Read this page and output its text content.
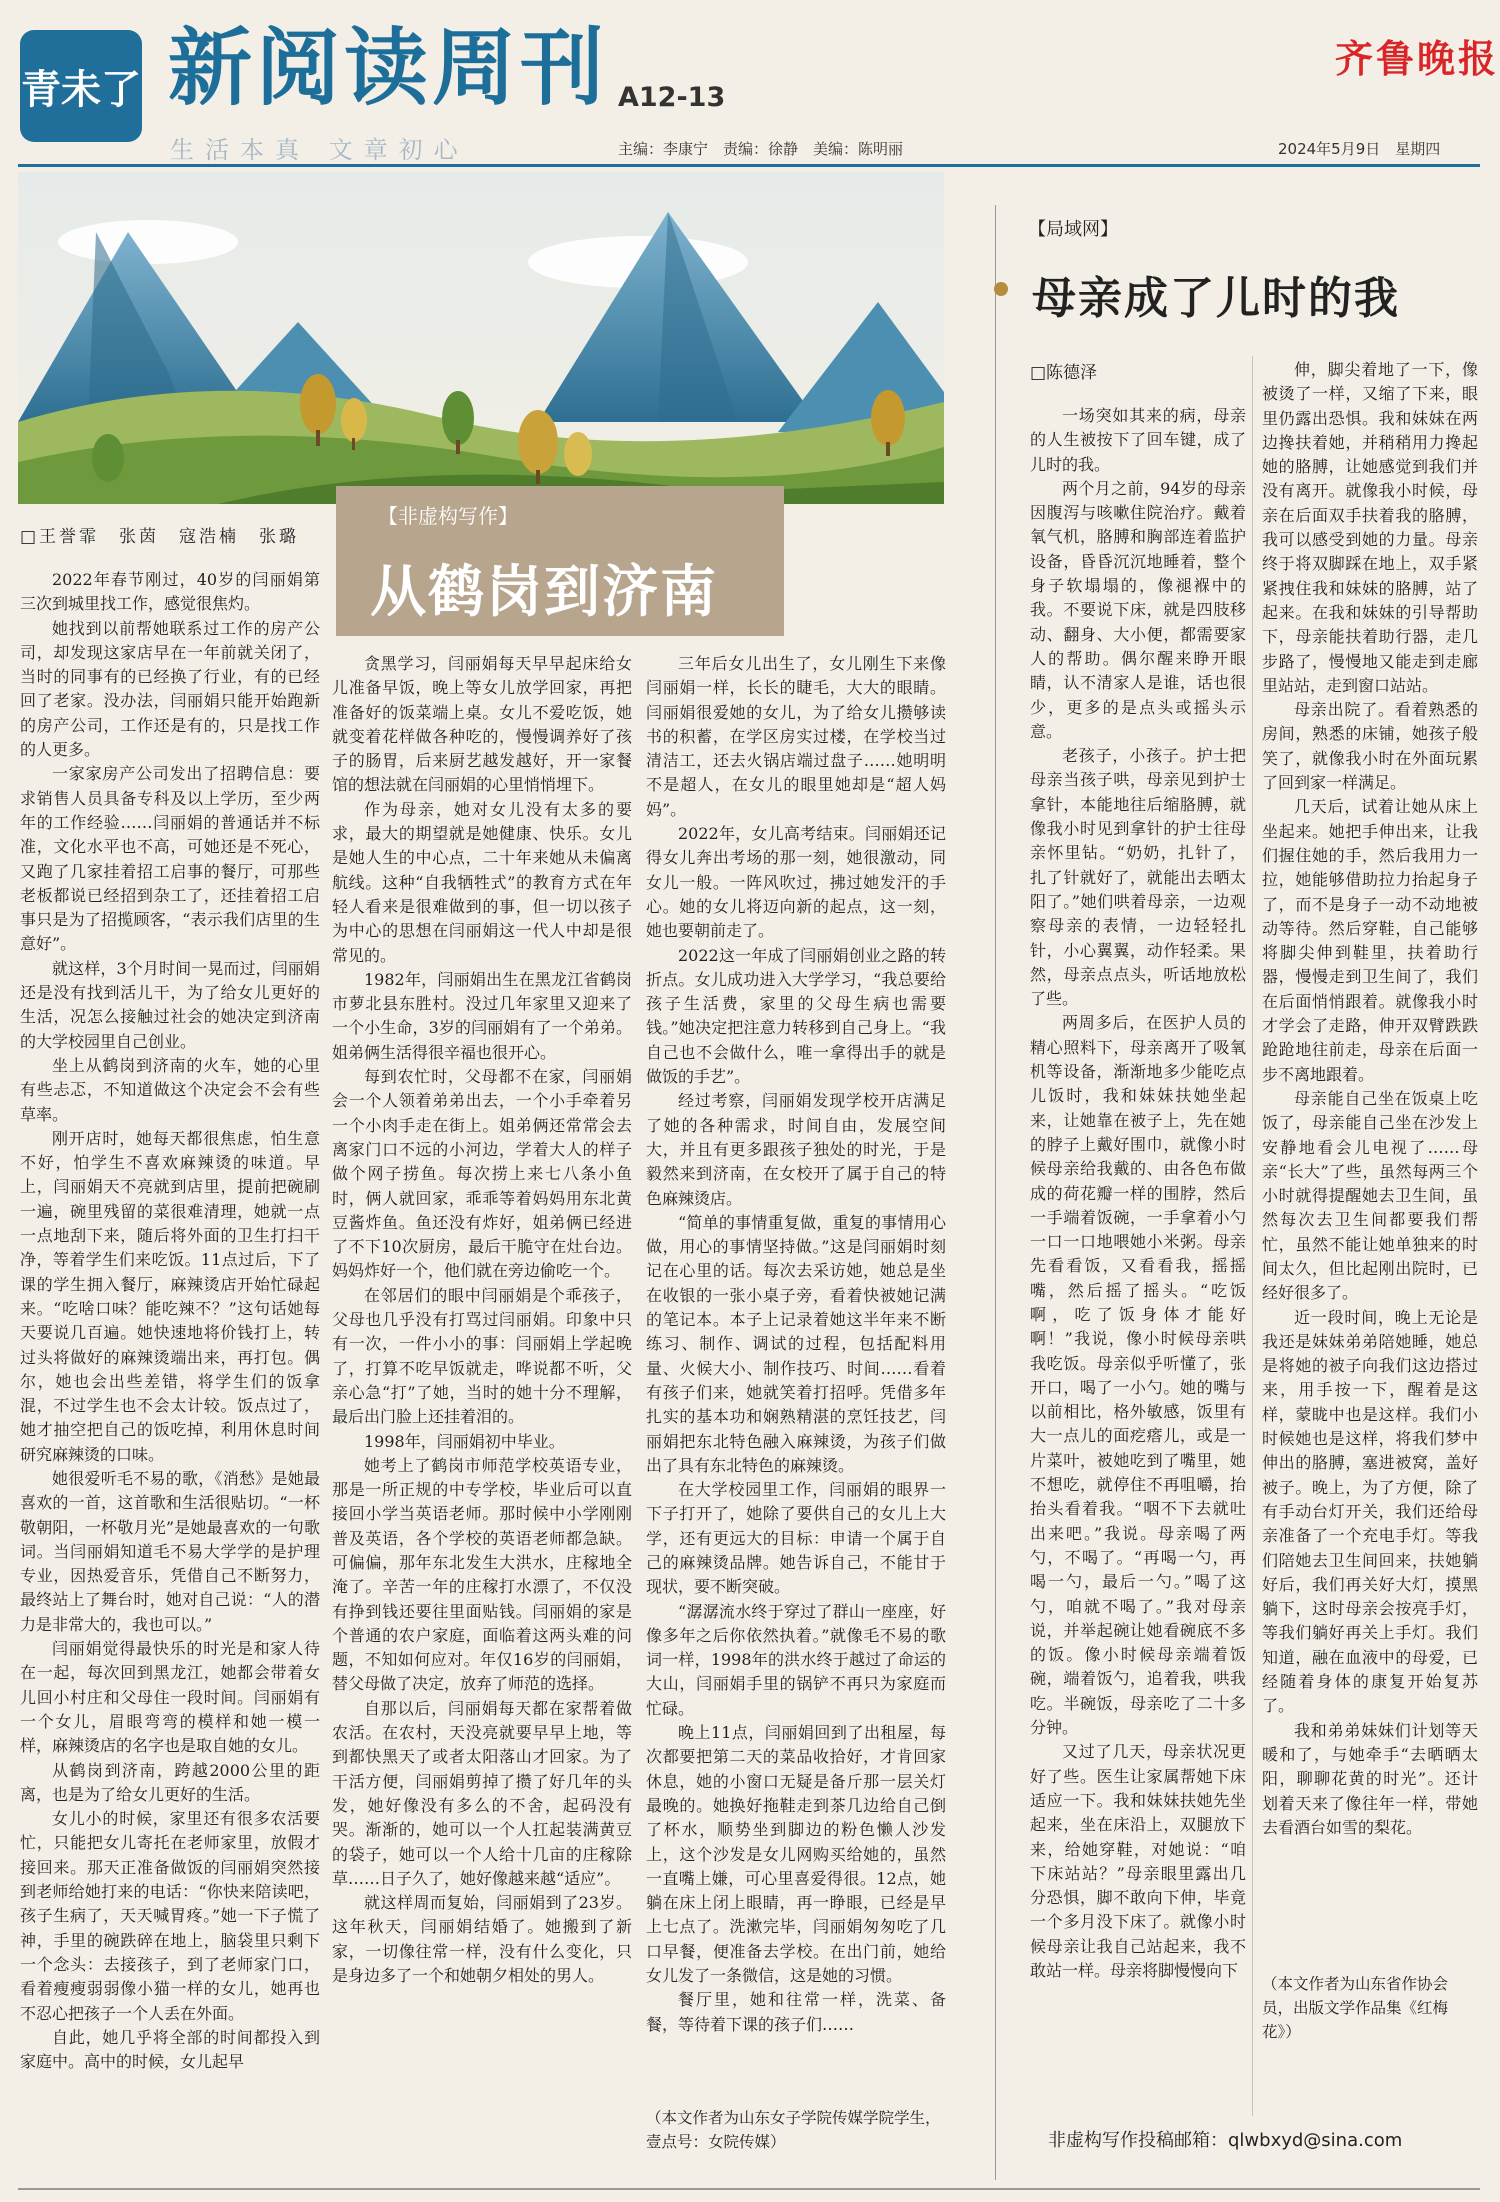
青未了 新阅读周刊 A12-13
生活本真 文章初心	主编：李康宁　责编：徐静　美编：陈明丽	2024年5月9日　星期四
齐鲁晚报
【非虚构写作】
从鹤岗到济南
□王誉霏　张茵　寇浩楠　张璐

2022年春节刚过，40岁的闫丽娟第三次到城里找工作，感觉很焦灼。

她找到以前帮她联系过工作的房产公司，却发现这家店早在一年前就关闭了，当时的同事有的已经换了行业，有的已经回了老家。没办法，闫丽娟只能开始跑新的房产公司，工作还是有的，只是找工作的人更多。

一家家房产公司发出了招聘信息：要求销售人员具备专科及以上学历，至少两年的工作经验……闫丽娟的普通话并不标准，文化水平也不高，可她还是不死心，又跑了几家挂着招工启事的餐厅，可那些老板都说已经招到杂工了，还挂着招工启事只是为了招揽顾客，“表示我们店里的生意好”。

就这样，3个月时间一晃而过，闫丽娟还是没有找到活儿干，为了给女儿更好的生活，况怎么接触过社会的她决定到济南的大学校园里自己创业。

坐上从鹤岗到济南的火车，她的心里有些忐忑，不知道做这个决定会不会有些草率。

刚开店时，她每天都很焦虑，怕生意不好，怕学生不喜欢麻辣烫的味道。早上，闫丽娟天不亮就到店里，提前把碗刷一遍，碗里残留的菜很难清理，她就一点一点地刮下来，随后将外面的卫生打扫干净，等着学生们来吃饭。11点过后，下了课的学生拥入餐厅，麻辣烫店开始忙碌起来。“吃啥口味？能吃辣不？”这句话她每天要说几百遍。她快速地将价钱打上，转过头将做好的麻辣烫端出来，再打包。偶尔，她也会出些差错，将学生们的饭拿混，不过学生也不会太计较。饭点过了，她才抽空把自己的饭吃掉，利用休息时间研究麻辣烫的口味。

她很爱听毛不易的歌，《消愁》是她最喜欢的一首，这首歌和生活很贴切。“一杯敬朝阳，一杯敬月光”是她最喜欢的一句歌词。当闫丽娟知道毛不易大学学的是护理专业，因热爱音乐，凭借自己不断努力，最终站上了舞台时，她对自己说：“人的潜力是非常大的，我也可以。”

闫丽娟觉得最快乐的时光是和家人待在一起，每次回到黑龙江，她都会带着女儿回小村庄和父母住一段时间。闫丽娟有一个女儿，眉眼弯弯的模样和她一模一样，麻辣烫店的名字也是取自她的女儿。

从鹤岗到济南，跨越2000公里的距离，也是为了给女儿更好的生活。

女儿小的时候，家里还有很多农活要忙，只能把女儿寄托在老师家里，放假才接回来。那天正准备做饭的闫丽娟突然接到老师给她打来的电话：“你快来陪读吧，孩子生病了，天天喊胃疼。”她一下子慌了神，手里的碗跌碎在地上，脑袋里只剩下一个念头：去接孩子，到了老师家门口，看着瘦瘦弱弱像小猫一样的女儿，她再也不忍心把孩子一个人丢在外面。

自此，她几乎将全部的时间都投入到家庭中。高中的时候，女儿起早

贪黑学习，闫丽娟每天早早起床给女儿准备早饭，晚上等女儿放学回家，再把准备好的饭菜端上桌。女儿不爱吃饭，她就变着花样做各种吃的，慢慢调养好了孩子的肠胃，后来厨艺越发越好，开一家餐馆的想法就在闫丽娟的心里悄悄埋下。

作为母亲，她对女儿没有太多的要求，最大的期望就是她健康、快乐。女儿是她人生的中心点，二十年来她从未偏离航线。这种“自我牺牲式”的教育方式在年轻人看来是很难做到的事，但一切以孩子为中心的思想在闫丽娟这一代人中却是很常见的。

1982年，闫丽娟出生在黑龙江省鹤岗市萝北县东胜村。没过几年家里又迎来了一个小生命，3岁的闫丽娟有了一个弟弟。姐弟俩生活得很辛福也很开心。

每到农忙时，父母都不在家，闫丽娟会一个人领着弟弟出去，一个小手牵着另一个小肉手走在街上。姐弟俩还常常会去离家门口不远的小河边，学着大人的样子做个网子捞鱼。每次捞上来七八条小鱼时，俩人就回家，乖乖等着妈妈用东北黄豆酱炸鱼。鱼还没有炸好，姐弟俩已经进了不下10次厨房，最后干脆守在灶台边。妈妈炸好一个，他们就在旁边偷吃一个。

在邻居们的眼中闫丽娟是个乖孩子，父母也几乎没有打骂过闫丽娟。印象中只有一次，一件小小的事：闫丽娟上学起晚了，打算不吃早饭就走，哗说都不听，父亲心急“打”了她，当时的她十分不理解，最后出门脸上还挂着泪的。

1998年，闫丽娟初中毕业。

她考上了鹤岗市师范学校英语专业，那是一所正规的中专学校，毕业后可以直接回小学当英语老师。那时候中小学刚刚普及英语，各个学校的英语老师都急缺。可偏偏，那年东北发生大洪水，庄稼地全淹了。辛苦一年的庄稼打水漂了，不仅没有挣到钱还要往里面贴钱。闫丽娟的家是个普通的农户家庭，面临着这两头难的问题，不知如何应对。年仅16岁的闫丽娟，替父母做了决定，放弃了师范的选择。

自那以后，闫丽娟每天都在家帮着做农活。在农村，天没亮就要早早上地，等到都快黑天了或者太阳落山才回家。为了干活方便，闫丽娟剪掉了攒了好几年的头发，她好像没有多么的不舍，起码没有哭。渐渐的，她可以一个人扛起装满黄豆的袋子，她可以一个人给十几亩的庄稼除草……日子久了，她好像越来越“适应”。

就这样周而复始，闫丽娟到了23岁。这年秋天，闫丽娟结婚了。她搬到了新家，一切像往常一样，没有什么变化，只是身边多了一个和她朝夕相处的男人。

三年后女儿出生了，女儿刚生下来像闫丽娟一样，长长的睫毛，大大的眼睛。闫丽娟很爱她的女儿，为了给女儿攒够读书的积蓄，在学区房实过楼，在学校当过清洁工，还去火锅店端过盘子……她明明不是超人，在女儿的眼里她却是“超人妈妈”。

2022年，女儿高考结束。闫丽娟还记得女儿奔出考场的那一刻，她很激动，同女儿一般。一阵风吹过，拂过她发汗的手心。她的女儿将迈向新的起点，这一刻，她也要朝前走了。

2022这一年成了闫丽娟创业之路的转折点。女儿成功进入大学学习，“我总要给孩子生活费，家里的父母生病也需要钱。”她决定把注意力转移到自己身上。“我自己也不会做什么，唯一拿得出手的就是做饭的手艺”。

经过考察，闫丽娟发现学校开店满足了她的各种需求，时间自由，发展空间大，并且有更多跟孩子独处的时光，于是毅然来到济南，在女校开了属于自己的特色麻辣烫店。

“简单的事情重复做，重复的事情用心做，用心的事情坚持做。”这是闫丽娟时刻记在心里的话。每次去采访她，她总是坐在收银的一张小桌子旁，看着快被她记满的笔记本。本子上记录着她这半年来不断练习、制作、调试的过程，包括配料用量、火候大小、制作技巧、时间……看着有孩子们来，她就笑着打招呼。凭借多年扎实的基本功和娴熟精湛的烹饪技艺，闫丽娟把东北特色融入麻辣烫，为孩子们做出了具有东北特色的麻辣烫。

在大学校园里工作，闫丽娟的眼界一下子打开了，她除了要供自己的女儿上大学，还有更远大的目标：申请一个属于自己的麻辣烫品牌。她告诉自己，不能甘于现状，要不断突破。

“潺潺流水终于穿过了群山一座座，好像多年之后你依然执着。”就像毛不易的歌词一样，1998年的洪水终于越过了命运的大山，闫丽娟手里的锅铲不再只为家庭而忙碌。

晚上11点，闫丽娟回到了出租屋，每次都要把第二天的菜品收拾好，才肯回家休息，她的小窗口无疑是备斤那一层关灯最晚的。她换好拖鞋走到茶几边给自己倒了杯水，顺势坐到脚边的粉色懒人沙发上，这个沙发是女儿网购买给她的，虽然一直嘴上嫌，可心里喜爱得很。12点，她躺在床上闭上眼睛，再一睁眼，已经是早上七点了。洗漱完毕，闫丽娟匆匆吃了几口早餐，便准备去学校。在出门前，她给女儿发了一条微信，这是她的习惯。

餐厅里，她和往常一样，洗菜、备餐，等待着下课的孩子们……

（本文作者为山东女子学院传媒学院学生，壹点号：女院传媒）
【局域网】
母亲成了儿时的我
□陈德泽

一场突如其来的病，母亲的人生被按下了回车键，成了儿时的我。

两个月之前，94岁的母亲因腹泻与咳嗽住院治疗。戴着氧气机，胳膊和胸部连着监护设备，昏昏沉沉地睡着，整个身子软塌塌的，像褪褓中的我。不要说下床，就是四肢移动、翻身、大小便，都需要家人的帮助。偶尔醒来睁开眼睛，认不清家人是谁，话也很少，更多的是点头或摇头示意。

老孩子，小孩子。护士把母亲当孩子哄，母亲见到护士拿针，本能地往后缩胳膊，就像我小时见到拿针的护士往母亲怀里钻。“奶奶，扎针了，扎了针就好了，就能出去晒太阳了。”她们哄着母亲，一边观察母亲的表情，一边轻轻扎针，小心翼翼，动作轻柔。果然，母亲点点头，听话地放松了些。

两周多后，在医护人员的精心照料下，母亲离开了吸氧机等设备，渐渐地多少能吃点儿饭时，我和妹妹扶她坐起来，让她靠在被子上，先在她的脖子上戴好围巾，就像小时候母亲给我戴的、由各色布做成的荷花瓣一样的围脖，然后一手端着饭碗，一手拿着小勺一口一口地喂她小米粥。母亲先看看饭，又看看我，摇摇嘴，然后摇了摇头。“吃饭啊，吃了饭身体才能好啊！”我说，像小时候母亲哄我吃饭。母亲似乎听懂了，张开口，喝了一小勺。她的嘴与以前相比，格外敏感，饭里有大一点儿的面疙瘩儿，或是一片菜叶，被她吃到了嘴里，她不想吃，就停住不再咀嚼，抬抬头看着我。“咽不下去就吐出来吧。”我说。母亲喝了两勺，不喝了。“再喝一勺，再喝一勺，最后一勺。”喝了这勺，咱就不喝了。”我对母亲说，并举起碗让她看碗底不多的饭。像小时候母亲端着饭碗，端着饭勺，追着我，哄我吃。半碗饭，母亲吃了二十多分钟。

又过了几天，母亲状况更好了些。医生让家属帮她下床适应一下。我和妹妹扶她先坐起来，坐在床沿上，双腿放下来，给她穿鞋，对她说：“咱下床站站？”母亲眼里露出几分恐惧，脚不敢向下伸，毕竟一个多月没下床了。就像小时候母亲让我自己站起来，我不敢站一样。母亲将脚慢慢向下

伸，脚尖着地了一下，像被烫了一样，又缩了下来，眼里仍露出恐惧。我和妹妹在两边搀扶着她，并稍稍用力搀起她的胳膊，让她感觉到我们并没有离开。就像我小时候，母亲在后面双手扶着我的胳膊，我可以感受到她的力量。母亲终于将双脚踩在地上，双手紧紧拽住我和妹妹的胳膊，站了起来。在我和妹妹的引导帮助下，母亲能扶着助行器，走几步路了，慢慢地又能走到走廊里站站，走到窗口站站。

母亲出院了。看着熟悉的房间，熟悉的床铺，她孩子般笑了，就像我小时在外面玩累了回到家一样满足。

几天后，试着让她从床上坐起来。她把手伸出来，让我们握住她的手，然后我用力一拉，她能够借助拉力抬起身子了，而不是身子一动不动地被动等待。然后穿鞋，自己能够将脚尖伸到鞋里，扶着助行器，慢慢走到卫生间了，我们在后面悄悄跟着。就像我小时才学会了走路，伸开双臂跌跌跄跄地往前走，母亲在后面一步不离地跟着。

母亲能自己坐在饭桌上吃饭了，母亲能自己坐在沙发上安静地看会儿电视了……母亲“长大”了些，虽然每两三个小时就得提醒她去卫生间，虽然每次去卫生间都要我们帮忙，虽然不能让她单独来的时间太久，但比起刚出院时，已经好很多了。

近一段时间，晚上无论是我还是妹妹弟弟陪她睡，她总是将她的被子向我们这边搭过来，用手按一下，醒着是这样，蒙眬中也是这样。我们小时候她也是这样，将我们梦中伸出的胳膊，塞进被窝，盖好被子。晚上，为了方便，除了有手动台灯开关，我们还给母亲准备了一个充电手灯。等我们陪她去卫生间回来，扶她躺好后，我们再关好大灯，摸黑躺下，这时母亲会按亮手灯，等我们躺好再关上手灯。我们知道，融在血液中的母爱，已经随着身体的康复开始复苏了。

我和弟弟妹妹们计划等天暖和了，与她牵手“去晒晒太阳，聊聊花黄的时光”。还计划着天来了像往年一样，带她去看酒台如雪的梨花。

（本文作者为山东省作协会员，出版文学作品集《红梅花》）
非虚构写作投稿邮箱：qlwbxyd@sina.com
